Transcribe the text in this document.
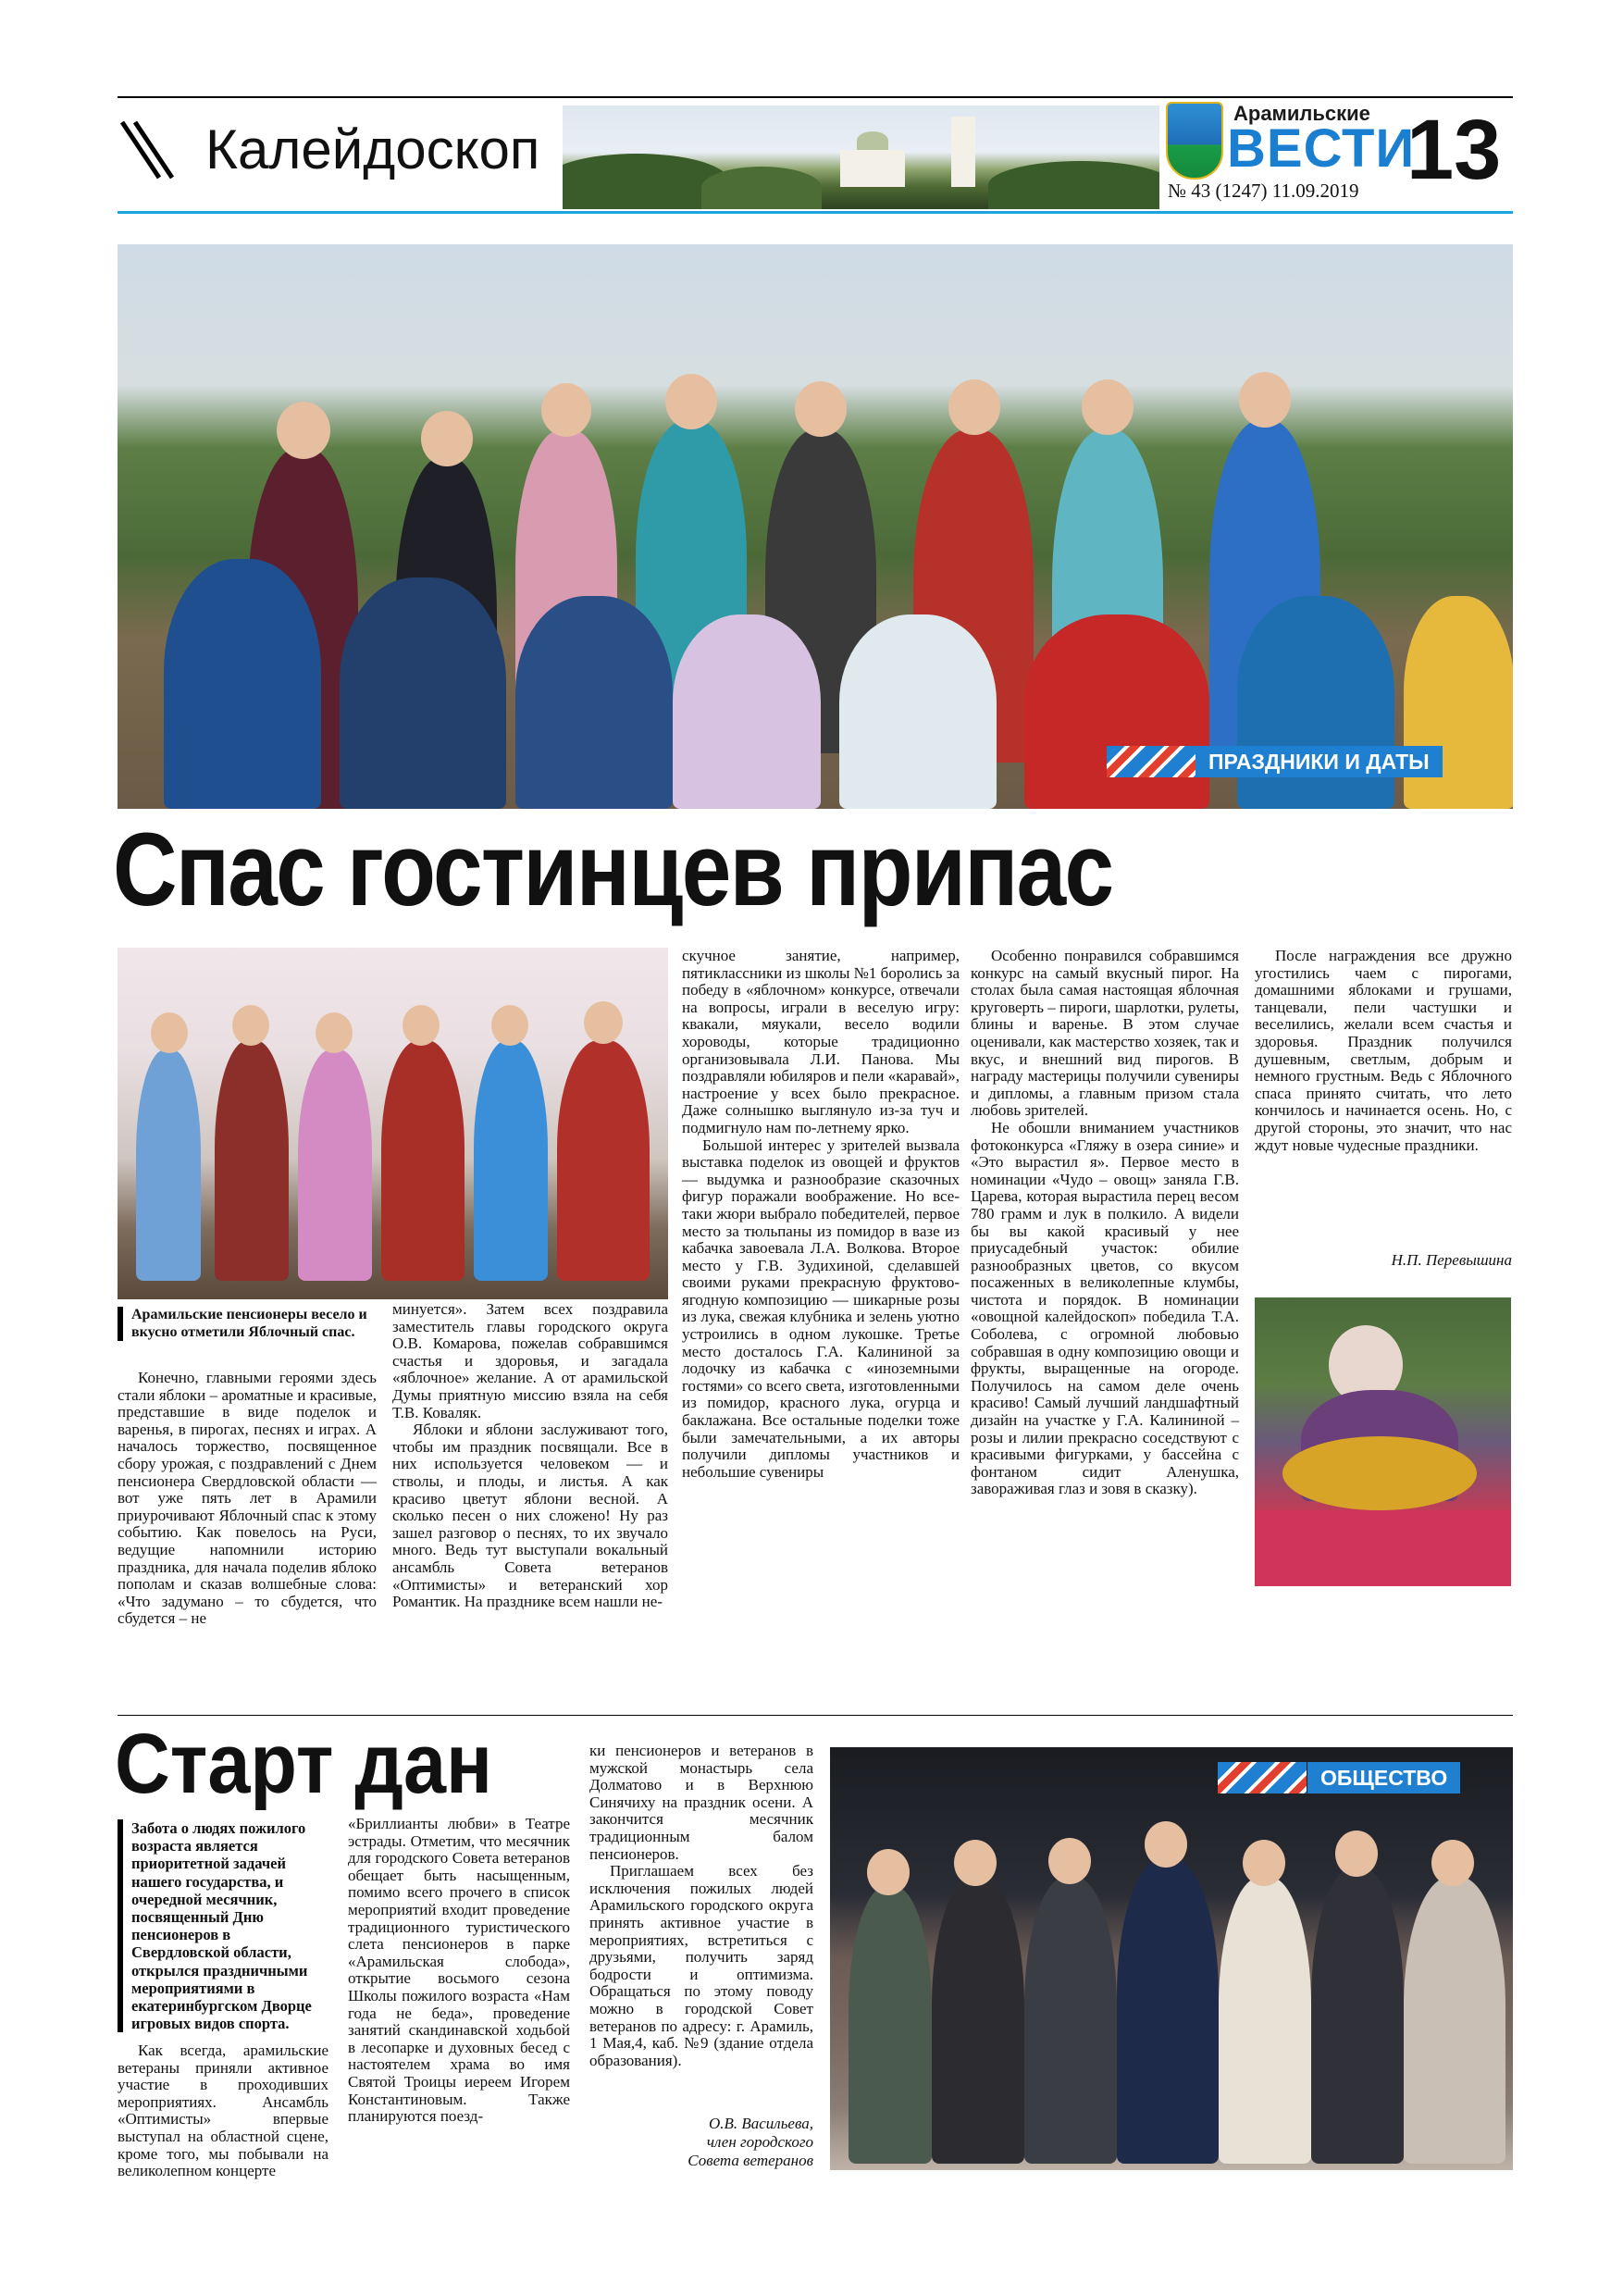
Калейдоскоп
Арамильские
ВЕСТИ
13
№ 43 (1247) 11.09.2019
ПРАЗДНИКИ И ДАТЫ
Спас гостинцев припас
Арамильские пенсионеры весело и вкусно отметили Яблочный спас.

Конечно, главными героями здесь стали яблоки – ароматные и красивые, представшие в виде поделок и варенья, в пирогах, песнях и играх. А началось торжество, посвященное сбору урожая, с поздравлений с Днем пенсионера Свердловской области — вот уже пять лет в Арамили приурочивают Яблочный спас к этому событию. Как повелось на Руси, ведущие напомнили историю праздника, для начала поделив яблоко пополам и сказав волшебные слова: «Что задумано – то сбудется, что сбудется – не

минуется». Затем всех поздравила заместитель главы городского округа О.В. Комарова, пожелав собравшимся счастья и здоровья, и загадала «яблочное» желание. А от арамильской Думы приятную миссию взяла на себя Т.В. Коваляк.

Яблоки и яблони заслуживают того, чтобы им праздник посвящали. Все в них используется человеком — и стволы, и плоды, и листья. А как красиво цветут яблони весной. А сколько песен о них сложено! Ну раз зашел разговор о песнях, то их звучало много. Ведь тут выступали вокальный ансамбль Совета ветеранов «Оптимисты» и ветеранский хор Романтик. На празднике всем нашли не-

скучное занятие, например, пятиклассники из школы №1 боролись за победу в «яблочном» конкурсе, отвечали на вопросы, играли в веселую игру: квакали, мяукали, весело водили хороводы, которые традиционно организовывала Л.И. Панова. Мы поздравляли юбиляров и пели «каравай», настроение у всех было прекрасное. Даже солнышко выглянуло из-за туч и подмигнуло нам по-летнему ярко.

Большой интерес у зрителей вызвала выставка поделок из овощей и фруктов — выдумка и разнообразие сказочных фигур поражали воображение. Но все-таки жюри выбрало победителей, первое место за тюльпаны из помидор в вазе из кабачка завоевала Л.А. Волкова. Второе место у Г.В. Зудихиной, сделавшей своими руками прекрасную фруктово-ягодную композицию — шикарные розы из лука, свежая клубника и зелень уютно устроились в одном лукошке. Третье место досталось Г.А. Калининой за лодочку из кабачка с «иноземными гостями» со всего света, изготовленными из помидор, красного лука, огурца и баклажана. Все остальные поделки тоже были замечательными, а их авторы получили дипломы участников и небольшие сувениры

Особенно понравился собравшимся конкурс на самый вкусный пирог. На столах была самая настоящая яблочная круговерть – пироги, шарлотки, рулеты, блины и варенье. В этом случае оценивали, как мастерство хозяек, так и вкус, и внешний вид пирогов. В награду мастерицы получили сувениры и дипломы, а главным призом стала любовь зрителей.

Не обошли вниманием участников фотоконкурса «Гляжу в озера синие» и «Это вырастил я». Первое место в номинации «Чудо – овощ» заняла Г.В. Царева, которая вырастила перец весом 780 грамм и лук в полкило. А видели бы вы какой красивый у нее приусадебный участок: обилие разнообразных цветов, со вкусом посаженных в великолепные клумбы, чистота и порядок. В номинации «овощной калейдоскоп» победила Т.А. Соболева, с огромной любовью собравшая в одну композицию овощи и фрукты, выращенные на огороде. Получилось на самом деле очень красиво! Самый лучший ландшафтный дизайн на участке у Г.А. Калининой – розы и лилии прекрасно соседствуют с красивыми фигурками, у бассейна с фонтаном сидит Аленушка, завораживая глаз и зовя в сказку).

После награждения все дружно угостились чаем с пирогами, домашними яблоками и грушами, танцевали, пели частушки и веселились, желали всем счастья и здоровья. Праздник получился душевным, светлым, добрым и немного грустным. Ведь с Яблочного спаса принято считать, что лето кончилось и начинается осень. Но, с другой стороны, это значит, что нас ждут новые чудесные праздники.

Н.П. Перевышина
Старт дан
Забота о людях пожилого возраста является приоритетной задачей нашего государства, и очередной месячник, посвященный Дню пенсионеров в Свердловской области, открылся праздничными мероприятиями в екатеринбургском Дворце игровых видов спорта.

Как всегда, арамильские ветераны приняли активное участие в проходивших мероприятиях. Ансамбль «Оптимисты» впервые выступал на областной сцене, кроме того, мы побывали на великолепном концерте

«Бриллианты любви» в Театре эстрады. Отметим, что месячник для городского Совета ветеранов обещает быть насыщенным, помимо всего прочего в список мероприятий входит проведение традиционного туристического слета пенсионеров в парке «Арамильская слобода», открытие восьмого сезона Школы пожилого возраста «Нам года не беда», проведение занятий скандинавской ходьбой в лесопарке и духовных бесед с настоятелем храма во имя Святой Троицы иереем Игорем Константиновым. Также планируются поезд-

ки пенсионеров и ветеранов в мужской монастырь села Долматово и в Верхнюю Синячиху на праздник осени. А закончится месячник традиционным балом пенсионеров.

Приглашаем всех без исключения пожилых людей Арамильского городского округа принять активное участие в мероприятиях, встретиться с друзьями, получить заряд бодрости и оптимизма. Обращаться по этому поводу можно в городской Совет ветеранов по адресу: г. Арамиль, 1 Мая,4, каб. №9 (здание отдела образования).

О.В. Васильева,
член городского
Совета ветеранов
ОБЩЕСТВО
